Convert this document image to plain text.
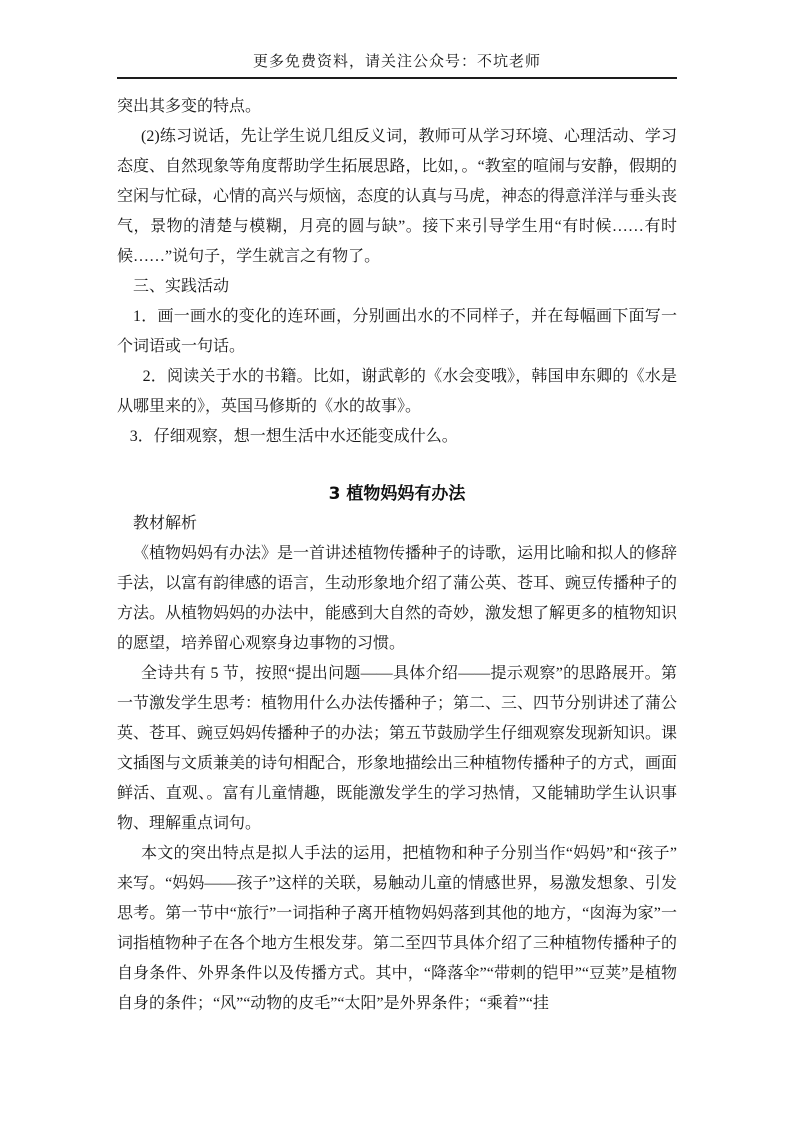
更多免费资料，请关注公众号：不坑老师

突出其多变的特点。

(2)练习说话，先让学生说几组反义词，教师可从学习环境、心理活动、学习态度、自然现象等角度帮助学生拓展思路，比如，。“教室的喧闹与安静，假期的空闲与忙碌，心情的高兴与烦恼，态度的认真与马虎，神态的得意洋洋与垂头丧气，景物的清楚与模糊，月亮的圆与缺”。接下来引导学生用“有时候……有时候……”说句子，学生就言之有物了。

三、实践活动

1．画一画水的变化的连环画，分别画出水的不同样子，并在每幅画下面写一个词语或一句话。

2．阅读关于水的书籍。比如，谢武彰的《水会变哦》，韩国申东卿的《水是从哪里来的》，英国马修斯的《水的故事》。

3．仔细观察，想一想生活中水还能变成什么。

3 植物妈妈有办法

教材解析

《植物妈妈有办法》是一首讲述植物传播种子的诗歌，运用比喻和拟人的修辞手法，以富有韵律感的语言，生动形象地介绍了蒲公英、苍耳、豌豆传播种子的方法。从植物妈妈的办法中，能感到大自然的奇妙，激发想了解更多的植物知识的愿望，培养留心观察身边事物的习惯。

全诗共有 5 节，按照“提出问题——具体介绍——提示观察”的思路展开。第一节激发学生思考：植物用什么办法传播种子；第二、三、四节分别讲述了蒲公英、苍耳、豌豆妈妈传播种子的办法；第五节鼓励学生仔细观察发现新知识。课文插图与文质兼美的诗句相配合，形象地描绘出三种植物传播种子的方式，画面鲜活、直观、。富有儿童情趣，既能激发学生的学习热情，又能辅助学生认识事物、理解重点词句。

本文的突出特点是拟人手法的运用，把植物和种子分别当作“妈妈”和“孩子”来写。“妈妈——孩子”这样的关联，易触动儿童的情感世界，易激发想象、引发思考。第一节中“旅行”一词指种子离开植物妈妈落到其他的地方，“囱海为家”一词指植物种子在各个地方生根发芽。第二至四节具体介绍了三种植物传播种子的自身条件、外界条件以及传播方式。其中，“降落伞”“带刺的铠甲”“豆荚”是植物自身的条件；“风”“动物的皮毛”“太阳”是外界条件；“乘着”“挂
